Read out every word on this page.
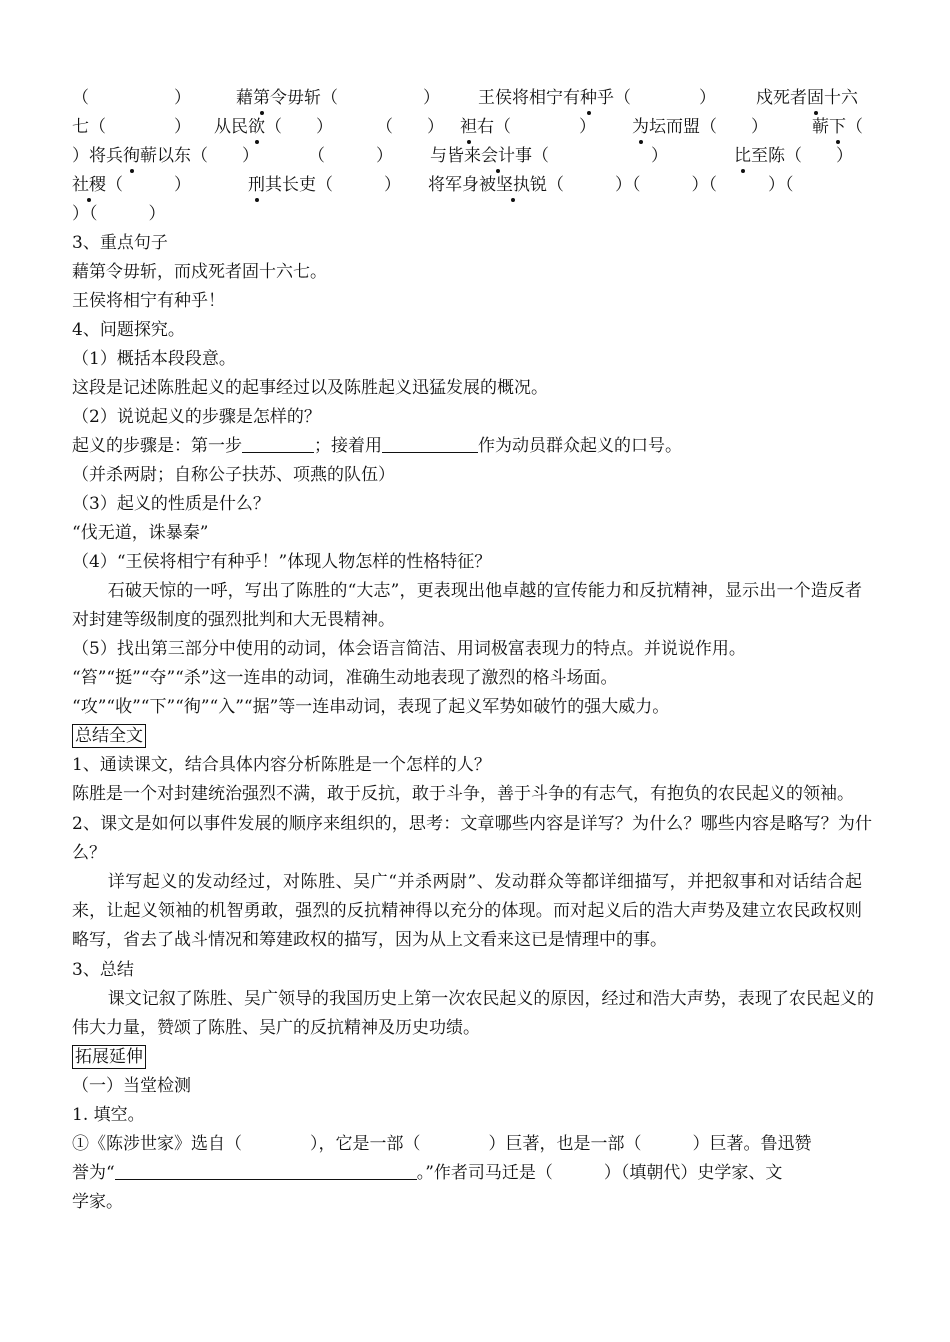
（　　　　　）	藉第令毋斩（　　　　　） 王侯将相宁有种乎（　　　　） 戍死者固十六
七（　　　　） 从民欲（　　）	（　　） 袒右（　　　　） 为坛而盟（　　）	蕲下（
）将兵徇蕲以东（　　）	（　　　） 与皆来会计事（　　　　　　）	比至陈（　　）
社稷（　　　）	刑其长吏（　　　） 将军身被坚执锐（　　　）（　　　）（　　　）（
）（　　　）
3、重点句子
藉第令毋斩，而戍死者固十六七。
王侯将相宁有种乎！
4、问题探究。
（1）概括本段段意。
这段是记述陈胜起义的起事经过以及陈胜起义迅猛发展的概况。
（2）说说起义的步骤是怎样的？
起义的步骤是：第一步	；接着用	作为动员群众起义的口号。
（并杀两尉；自称公子扶苏、项燕的队伍）
（3）起义的性质是什么？
“伐无道，诛暴秦”
（4）“王侯将相宁有种乎！”体现人物怎样的性格特征？
石破天惊的一呼，写出了陈胜的“大志”，更表现出他卓越的宣传能力和反抗精神，显示出一个造反者对封建等级制度的强烈批判和大无畏精神。
（5）找出第三部分中使用的动词，体会语言简洁、用词极富表现力的特点。并说说作用。
“笞”“挺”“夺”“杀”这一连串的动词，准确生动地表现了激烈的格斗场面。
“攻”“收”“下”“徇”“入”“据”等一连串动词，表现了起义军势如破竹的强大威力。
总结全文
1、通读课文，结合具体内容分析陈胜是一个怎样的人？
陈胜是一个对封建统治强烈不满，敢于反抗，敢于斗争，善于斗争的有志气，有抱负的农民起义的领袖。
2、课文是如何以事件发展的顺序来组织的，思考：文章哪些内容是详写？为什么？哪些内容是略写？为什么？
详写起义的发动经过，对陈胜、吴广“并杀两尉”、发动群众等都详细描写，并把叙事和对话结合起来，让起义领袖的机智勇敢，强烈的反抗精神得以充分的体现。而对起义后的浩大声势及建立农民政权则略写，省去了战斗情况和筹建政权的描写，因为从上文看来这已是情理中的事。
3、总结
课文记叙了陈胜、吴广领导的我国历史上第一次农民起义的原因，经过和浩大声势，表现了农民起义的伟大力量，赞颂了陈胜、吴广的反抗精神及历史功绩。
拓展延伸
（一）当堂检测
1. 填空。
①《陈涉世家》选自（　　　　），它是一部（　　　　）巨著，也是一部（　　　）巨著。鲁迅赞
誉为“	。”作者司马迁是（　　　）（填朝代）史学家、文
学家。
